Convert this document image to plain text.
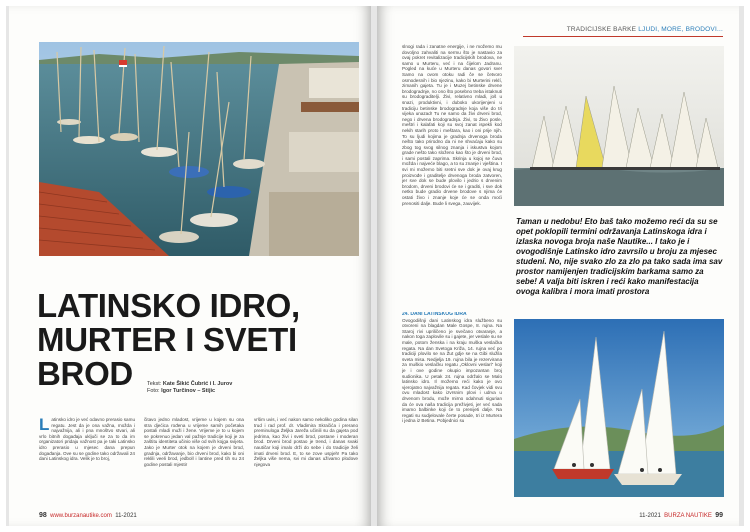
LATINSKO IDRO,
MURTER I SVETI
BROD	Tekst: Kate Šikić Čubrić i I. Jurov
Foto: Igor Turčinov – Stijic
L atinsko idro je već odavno prerasio samu regatu. Jest da je ona važna, možda i najvažnija, ali i pna mnoštvo stvari, ali vrlo bitnih događaja uključi se za to da im organizatori pridaju važnost pa je taki Latinsko idro prerasio u mjesec dana prepun događanja. Ove su se godine tako održavali 24 dani Latinskog idra. Velik je to broj,
čitavo jedno mladost, vrijeme u kojem su ona stra djećica rođena u vrijeme samih početaka postali mladi muži i žene. Vrijeme je to u kojem se pokrenuo jedan val pažnje tradicije koji je za zaštitu identiteta učinio više od svih kojga svijeta. Jako je Murter otok na kojem je drveni brod, gradnja, održavanje, bio drveni brod, kako bi oni reklili veeli brod, jedboll i lantine pred tih su 24 godine postali mjestir
vršim uvis, i već nakon samo nekoliko godina silan trud i rad prof. dr. Vladimira Skračića i prerano preminuloga Željka Jareža učinili su da gajeta pod jedrima, kao živi i sveti brod, postane i moderan brod. Drveni brod postao je trend, i danas svaki nautičar koji imalo drži do sebe i do tradicije želi imati drveni brod. E, to se zove uspjeh! Pa tako Željka više nema, svi mi danas uživamo plodove njegova
98 www.burzanautike.com 11-2021
TRADICIJSKE BARKE LJUDI, MORE, BRODOVI...
slnogi rada i zanatne energije, i ne možemo mu dovoljno zahvaliti na sermu što je nastavio za ovaj pokret revitalizacije tradicijskih brodova, ne samo u Murteru, već i na čijelom Jadranu. Pogled na kuće u Murteru danas govori sve! Samo na ovom otoku radi če se četvoro osmodesnih i bio njezinu, kako bi Murterini reklí, zimanih gajeta. Tu je i Muzej betinske drvene brodogradnje, no ono što posebno treba istaknuti su brodograditelji. Živi, relativno mladi, još u snazi, produktivni, i duboko ukorijenjeni u tradiciju betinske brodogradnje koja više do tri vijeka unazad! Tu ne samo da živi drveni brod, nego i drvena brodogradnja. Živi, to Živo posle, meštri i kalafati koji su svoj zanat ispekli kod nekih starih proto i meštara, kao i oni prije njih. To su ljudi kojima je gradnja drvenoga broda nešto tako prirodno da ni ne shvaćaju kako su zbog tog svog silnog znanja i iskustva kojom grade nešto tako složeno kao što je drveni brod, i sami postali zaprima. Skrinja u kojoj se čuva možda i najveće blago, a to su znanje i vještina. I svi mi možemo biti sretni sve dok je ovaj krug proizvođe i graditelje drvenoga broda zatvoren, jer sve dok se bude plovilo i jedrio s drvenim brodom, drveni brodovi će se i graditi, i sve dok netko bude gradio drvene brodove s njima će ostati živo i znanje koje će se onda moći prenositi dalje. Bude li svega, zauvijek.
24. DANI LATINSKOG IDRA
Ovogodišnji dani Latinskog idra službeno su otvoreni na blagdan Male Gospe, 8. rujna. Na Staroj rivi upriličeno je svečano otvaranje, a nakon toga zaplovile su i gajete, jer veslale su se male, potom ženska i na kraju muška veslačka regata. Na dan Svetoga Križa, 14. rujna već po tradiciji plovilo se na Žut gdje se na Gibi služila sveta misa. Nedjelja 19. rujna bila je rezervirana za muškio veslačku regatu „Oklovni veslari" koji je i ove godine okupio impozantan broj sudionika. U petak 24. rujna održalo se Malo latinsko idro. Il možemo reći kako je ovo vjerojatno najvažnija regata. Kad čovjek vidi svu ovu mladost kako izvrsnim plovi i udrva u drvenom brodu, može mirno odahnuti sigurian da će ova naša tradicija preživjeti, jer već sada imamo balbinke koji će to prenijeti dalje. Na regati su sudjelovale čerte posade, tri iz Murtera i jedna iz Betina. Pobjednici su
Taman u nedobu! Eto baš tako možemo reći da su se opet poklopili termini održavanja Latinskoga idra i izlaska novoga broja naše Nautike... I tako je i ovogodišnje Latinsko idro zavrsilo u broju za mjesec studeni. No, nije svako zlo za zlo pa tako sada ima sav prostor namijenjen tradicijskim barkama samo za sebe! A valja biti iskren i reći kako manifestacija ovoga kalibra i mora imati prostora
11-2021 BURZA NAUTIKE 99
